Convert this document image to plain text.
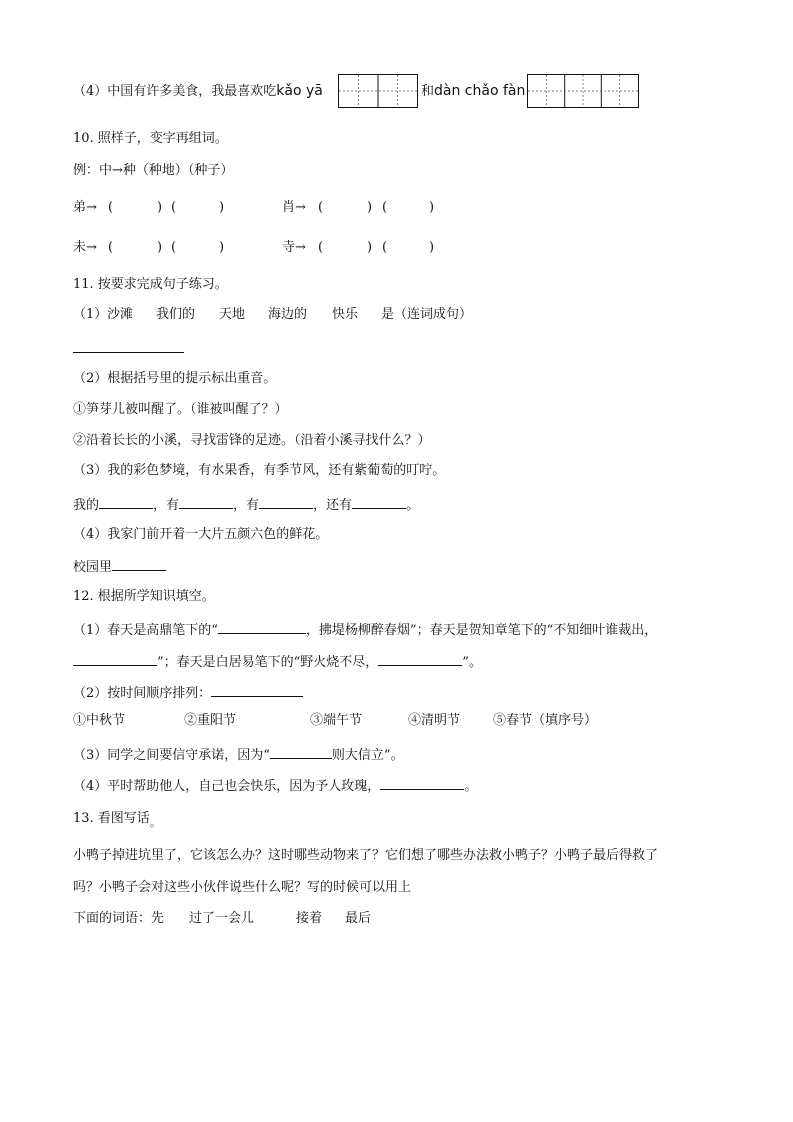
（4）中国有许多美食，我最喜欢吃kǎo yā	和dàn chǎo fàn
10. 照样子，变字再组词。
例：中→种（种地）（种子）
弟→ (	) (	)	肖→ (	) (	)
未→ (	) (	)	寺→ (	) (	)
11. 按要求完成句子练习。
（1） 沙滩 我们的 天地 海边的 快乐 是（连词成句）
（2）根据括号里的提示标出重音。
①笋芽儿被叫醒了。（谁被叫醒了？）
②沿着长长的小溪，寻找雷锋的足迹。（沿着小溪寻找什么？）
（3）我的彩色梦境，有水果香，有季节风，还有紫葡萄的叮咛。
我的	，有	，有	，还有	。
（4）我家门前开着一大片五颜六色的鲜花。
校园里
12. 根据所学知识填空。
（1）春天是高鼎笔下的“	，拂堤杨柳醉春烟”；春天是贺知章笔下的“不知细叶谁裁出，
”；春天是白居易笔下的“野火烧不尽，	”。
（2）按时间顺序排列：
①中秋节	②重阳节	③端午节	④清明节	⑤春节（填序号）
（3）同学之间要信守承诺，因为“	则大信立”。
（4）平时帮助他人，自己也会快乐，因为予人玫瑰，	。
13. 看图写话$_。$
小鸭子掉进坑里了，它该怎么办？这时哪些动物来了？它们想了哪些办法救小鸭子？小鸭子最后得救了
吗？小鸭子会对这些小伙伴说些什么呢？写的时候可以用上
下面的词语：先 过了一会儿	接着 最后
